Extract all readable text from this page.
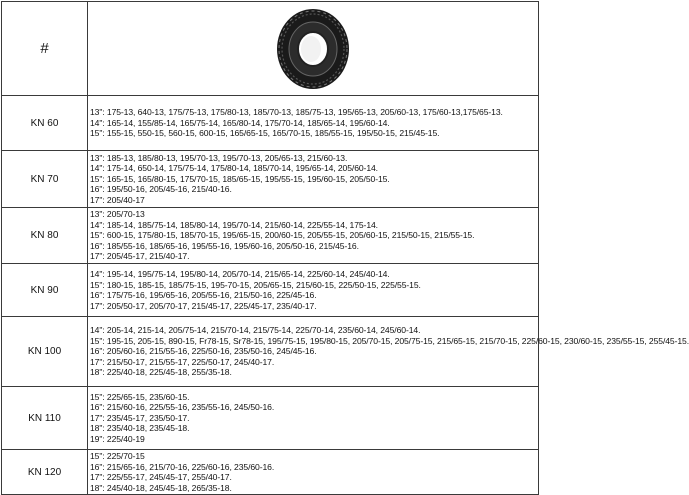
#	

KN 60	13": 175-13, 640-13, 175/75-13, 175/80-13, 185/70-13, 185/75-13, 195/65-13, 205/60-13, 175/60-13,175/65-13.
14": 165-14, 155/85-14, 165/75-14, 165/80-14, 175/70-14, 185/65-14, 195/60-14.
15": 155-15, 550-15, 560-15, 600-15, 165/65-15, 165/70-15, 185/55-15, 195/50-15, 215/45-15.

KN 70	13": 185-13, 185/80-13, 195/70-13, 195/70-13, 205/65-13, 215/60-13.
14": 175-14, 650-14, 175/75-14, 175/80-14, 185/70-14, 195/65-14, 205/60-14.
15": 165-15, 165/80-15, 175/70-15, 185/65-15, 195/55-15, 195/60-15, 205/50-15.
16": 195/50-16, 205/45-16, 215/40-16.
17": 205/40-17

KN 80	13": 205/70-13
14": 185-14, 185/75-14, 185/80-14, 195/70-14, 215/60-14, 225/55-14, 175-14.
15": 600-15, 175/80-15, 185/70-15, 195/65-15, 200/60-15, 205/55-15, 205/60-15, 215/50-15, 215/55-15.
16": 185/55-16, 185/65-16, 195/55-16, 195/60-16, 205/50-16, 215/45-16.
17": 205/45-17, 215/40-17.

KN 90	14": 195-14, 195/75-14, 195/80-14, 205/70-14, 215/65-14, 225/60-14, 245/40-14.
15": 180-15, 185-15, 185/75-15, 195-70-15, 205/65-15, 215/60-15, 225/50-15, 225/55-15.
16": 175/75-16, 195/65-16, 205/55-16, 215/50-16, 225/45-16.
17": 205/50-17, 205/70-17, 215/45-17, 225/45-17, 235/40-17.

KN 100	14": 205-14, 215-14, 205/75-14, 215/70-14, 215/75-14, 225/70-14, 235/60-14, 245/60-14.
15": 195-15, 205-15, 890-15, Fr78-15, Sr78-15, 195/75-15, 195/80-15, 205/70-15, 205/75-15, 215/65-15, 215/70-15, 225/60-15, 230/60-15, 235/55-15, 255/45-15.
16": 205/60-16, 215/55-16, 225/50-16, 235/50-16, 245/45-16.
17": 215/50-17, 215/55-17, 225/50-17, 245/40-17.
18": 225/40-18, 225/45-18, 255/35-18.

KN 110	15": 225/65-15, 235/60-15.
16": 215/60-16, 225/55-16, 235/55-16, 245/50-16.
17": 235/45-17, 235/50-17.
18": 235/40-18, 235/45-18.
19": 225/40-19

KN 120	15": 225/70-15
16": 215/65-16, 215/70-16, 225/60-16, 235/60-16.
17": 225/55-17, 245/45-17, 255/40-17.
18": 245/40-18, 245/45-18, 265/35-18.
